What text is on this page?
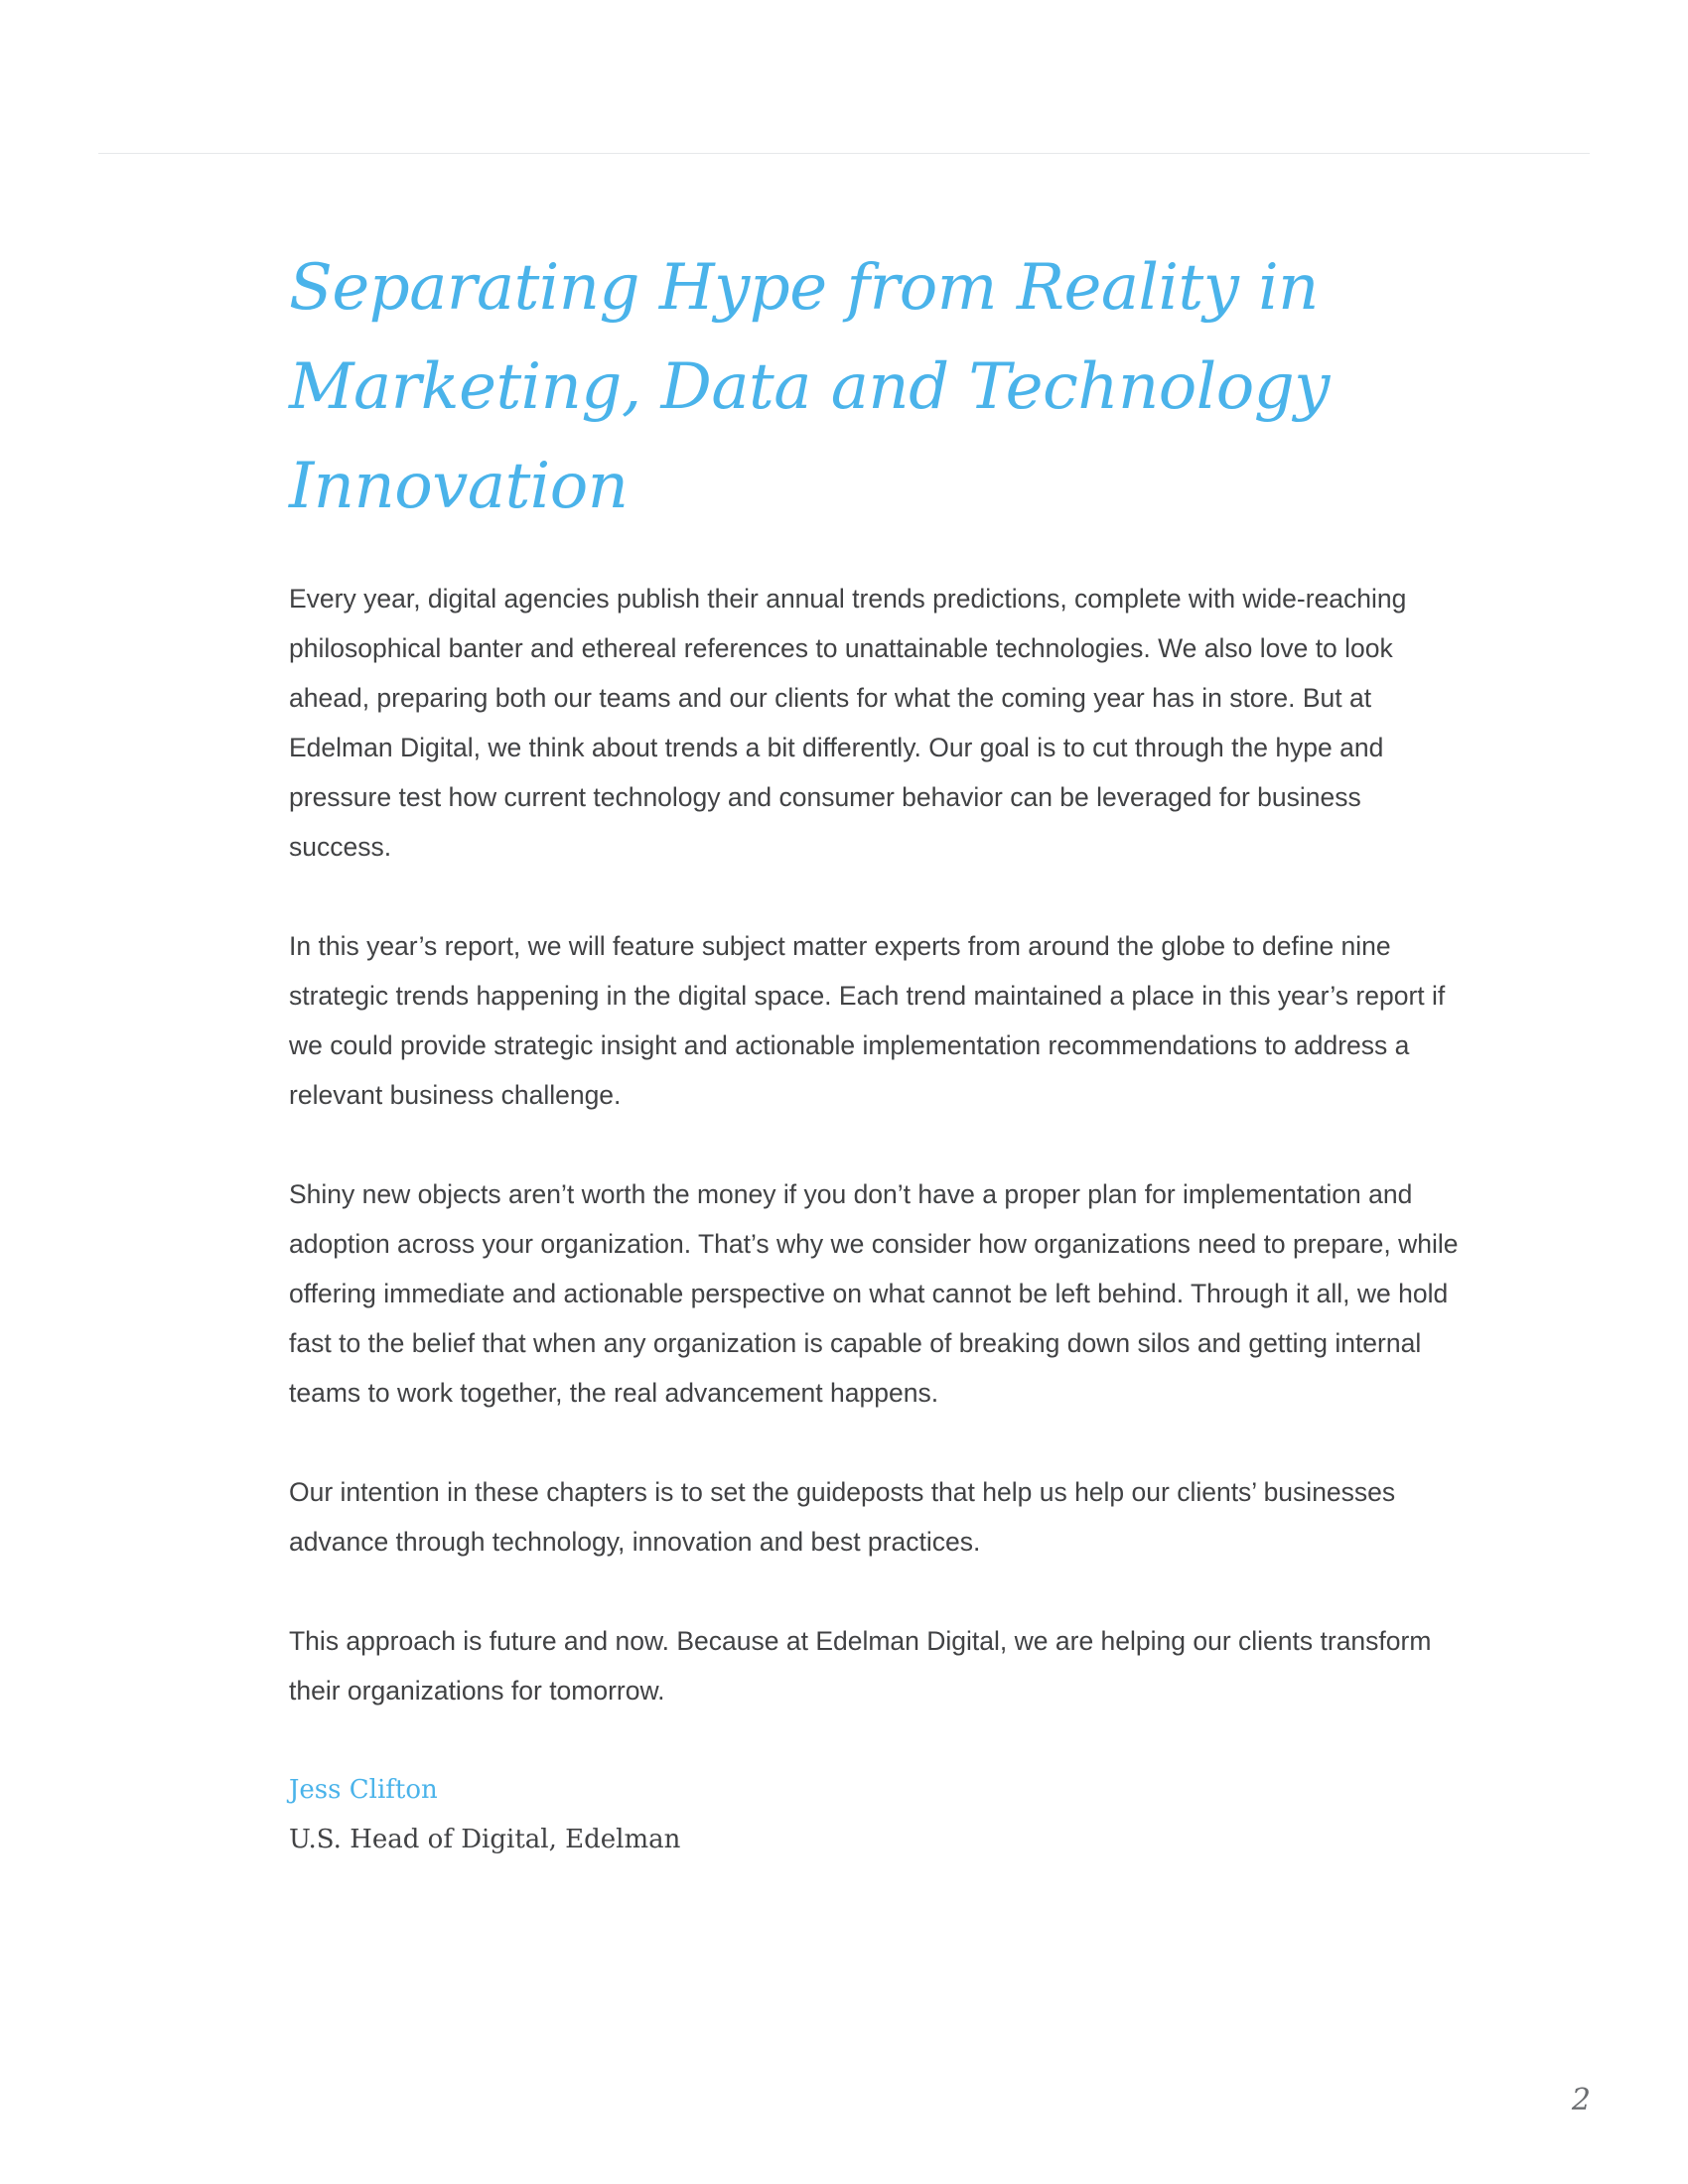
Separating Hype from Reality in Marketing, Data and Technology Innovation

Every year, digital agencies publish their annual trends predictions, complete with wide-reaching philosophical banter and ethereal references to unattainable technologies. We also love to look ahead, preparing both our teams and our clients for what the coming year has in store. But at Edelman Digital, we think about trends a bit differently. Our goal is to cut through the hype and pressure test how current technology and consumer behavior can be leveraged for business success.

In this year’s report, we will feature subject matter experts from around the globe to define nine strategic trends happening in the digital space. Each trend maintained a place in this year’s report if we could provide strategic insight and actionable implementation recommendations to address a relevant business challenge.

Shiny new objects aren’t worth the money if you don’t have a proper plan for implementation and adoption across your organization. That’s why we consider how organizations need to prepare, while offering immediate and actionable perspective on what cannot be left behind. Through it all, we hold fast to the belief that when any organization is capable of breaking down silos and getting internal teams to work together, the real advancement happens.

Our intention in these chapters is to set the guideposts that help us help our clients’ businesses advance through technology, innovation and best practices.

This approach is future and now. Because at Edelman Digital, we are helping our clients transform their organizations for tomorrow.

Jess Clifton
U.S. Head of Digital, Edelman
2
